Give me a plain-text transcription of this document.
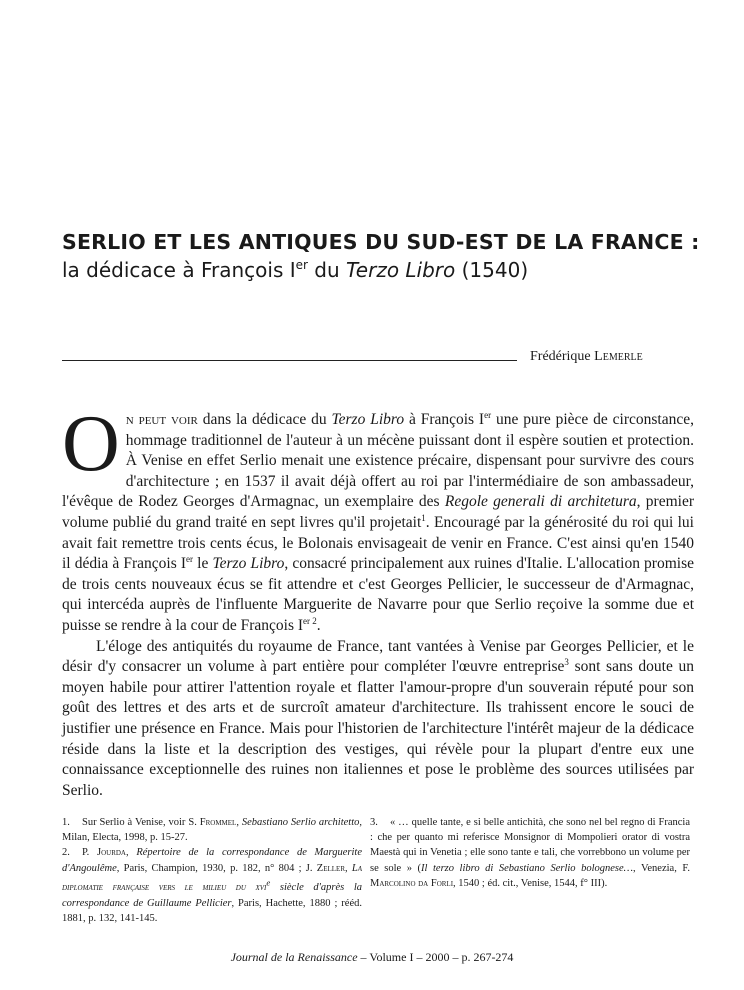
SERLIO ET LES ANTIQUES DU SUD-EST DE LA FRANCE :
la dédicace à François Ier du Terzo Libro (1540)
Frédérique Lemerle

On peut voir dans la dédicace du Terzo Libro à François Ier une pure pièce de circonstance, hommage traditionnel de l'auteur à un mécène puissant dont il espère soutien et protection. À Venise en effet Serlio menait une existence précaire, dispensant pour survivre des cours d'architecture ; en 1537 il avait déjà offert au roi par l'intermédiaire de son ambassadeur, l'évêque de Rodez Georges d'Armagnac, un exemplaire des Regole generali di architetura, premier volume publié du grand traité en sept livres qu'il projetait$^1$. Encouragé par la générosité du roi qui lui avait fait remettre trois cents écus, le Bolonais envisageait de venir en France. C'est ainsi qu'en 1540 il dédia à François Ier le Terzo Libro, consacré principalement aux ruines d'Italie. L'allocation promise de trois cents nouveaux écus se fit attendre et c'est Georges Pellicier, le successeur de d'Armagnac, qui intercéda auprès de l'influente Marguerite de Navarre pour que Serlio reçoive la somme due et puisse se rendre à la cour de François $I^{er 2}$.

L'éloge des antiquités du royaume de France, tant vantées à Venise par Georges Pellicier, et le désir d'y consacrer un volume à part entière pour compléter l'œuvre entreprise$^3$ sont sans doute un moyen habile pour attirer l'attention royale et flatter l'amour-propre d'un souverain réputé pour son goût des lettres et des arts et de surcroît amateur d'architecture. Ils trahissent encore le souci de justifier une présence en France. Mais pour l'historien de l'architecture l'intérêt majeur de la dédicace réside dans la liste et la description des vestiges, qui révèle pour la plupart d'entre eux une connaissance exceptionnelle des ruines non italiennes et pose le problème des sources utilisées par Serlio.

1. Sur Serlio à Venise, voir S. Frommel, Sebastiano Serlio architetto, Milan, Electa, 1998, p. 15-27.

2. P. Jourda, Répertoire de la correspondance de Marguerite d'Angoulême, Paris, Champion, 1930, p. 182, n° 804 ; J. Zeller, La diplomatie française vers le milieu du xvi$^e$ siècle d'après la correspondance de Guillaume Pellicier, Paris, Hachette, 1880 ; rééd. 1881, p. 132, 141-145.

3. « … quelle tante, e si belle antichità, che sono nel bel regno di Francia : che per quanto mi referisce Monsignor di Mompolieri orator di vostra Maestà qui in Venetia ; elle sono tante e tali, che vorrebbono un volume per se sole » (Il terzo libro di Sebastiano Serlio bolognese…, Venezia, F. Marcolino da Forli, 1540 ; éd. cit., Venise, 1544, f° III).

Journal de la Renaissance – Volume I – 2000 – p. 267-274
